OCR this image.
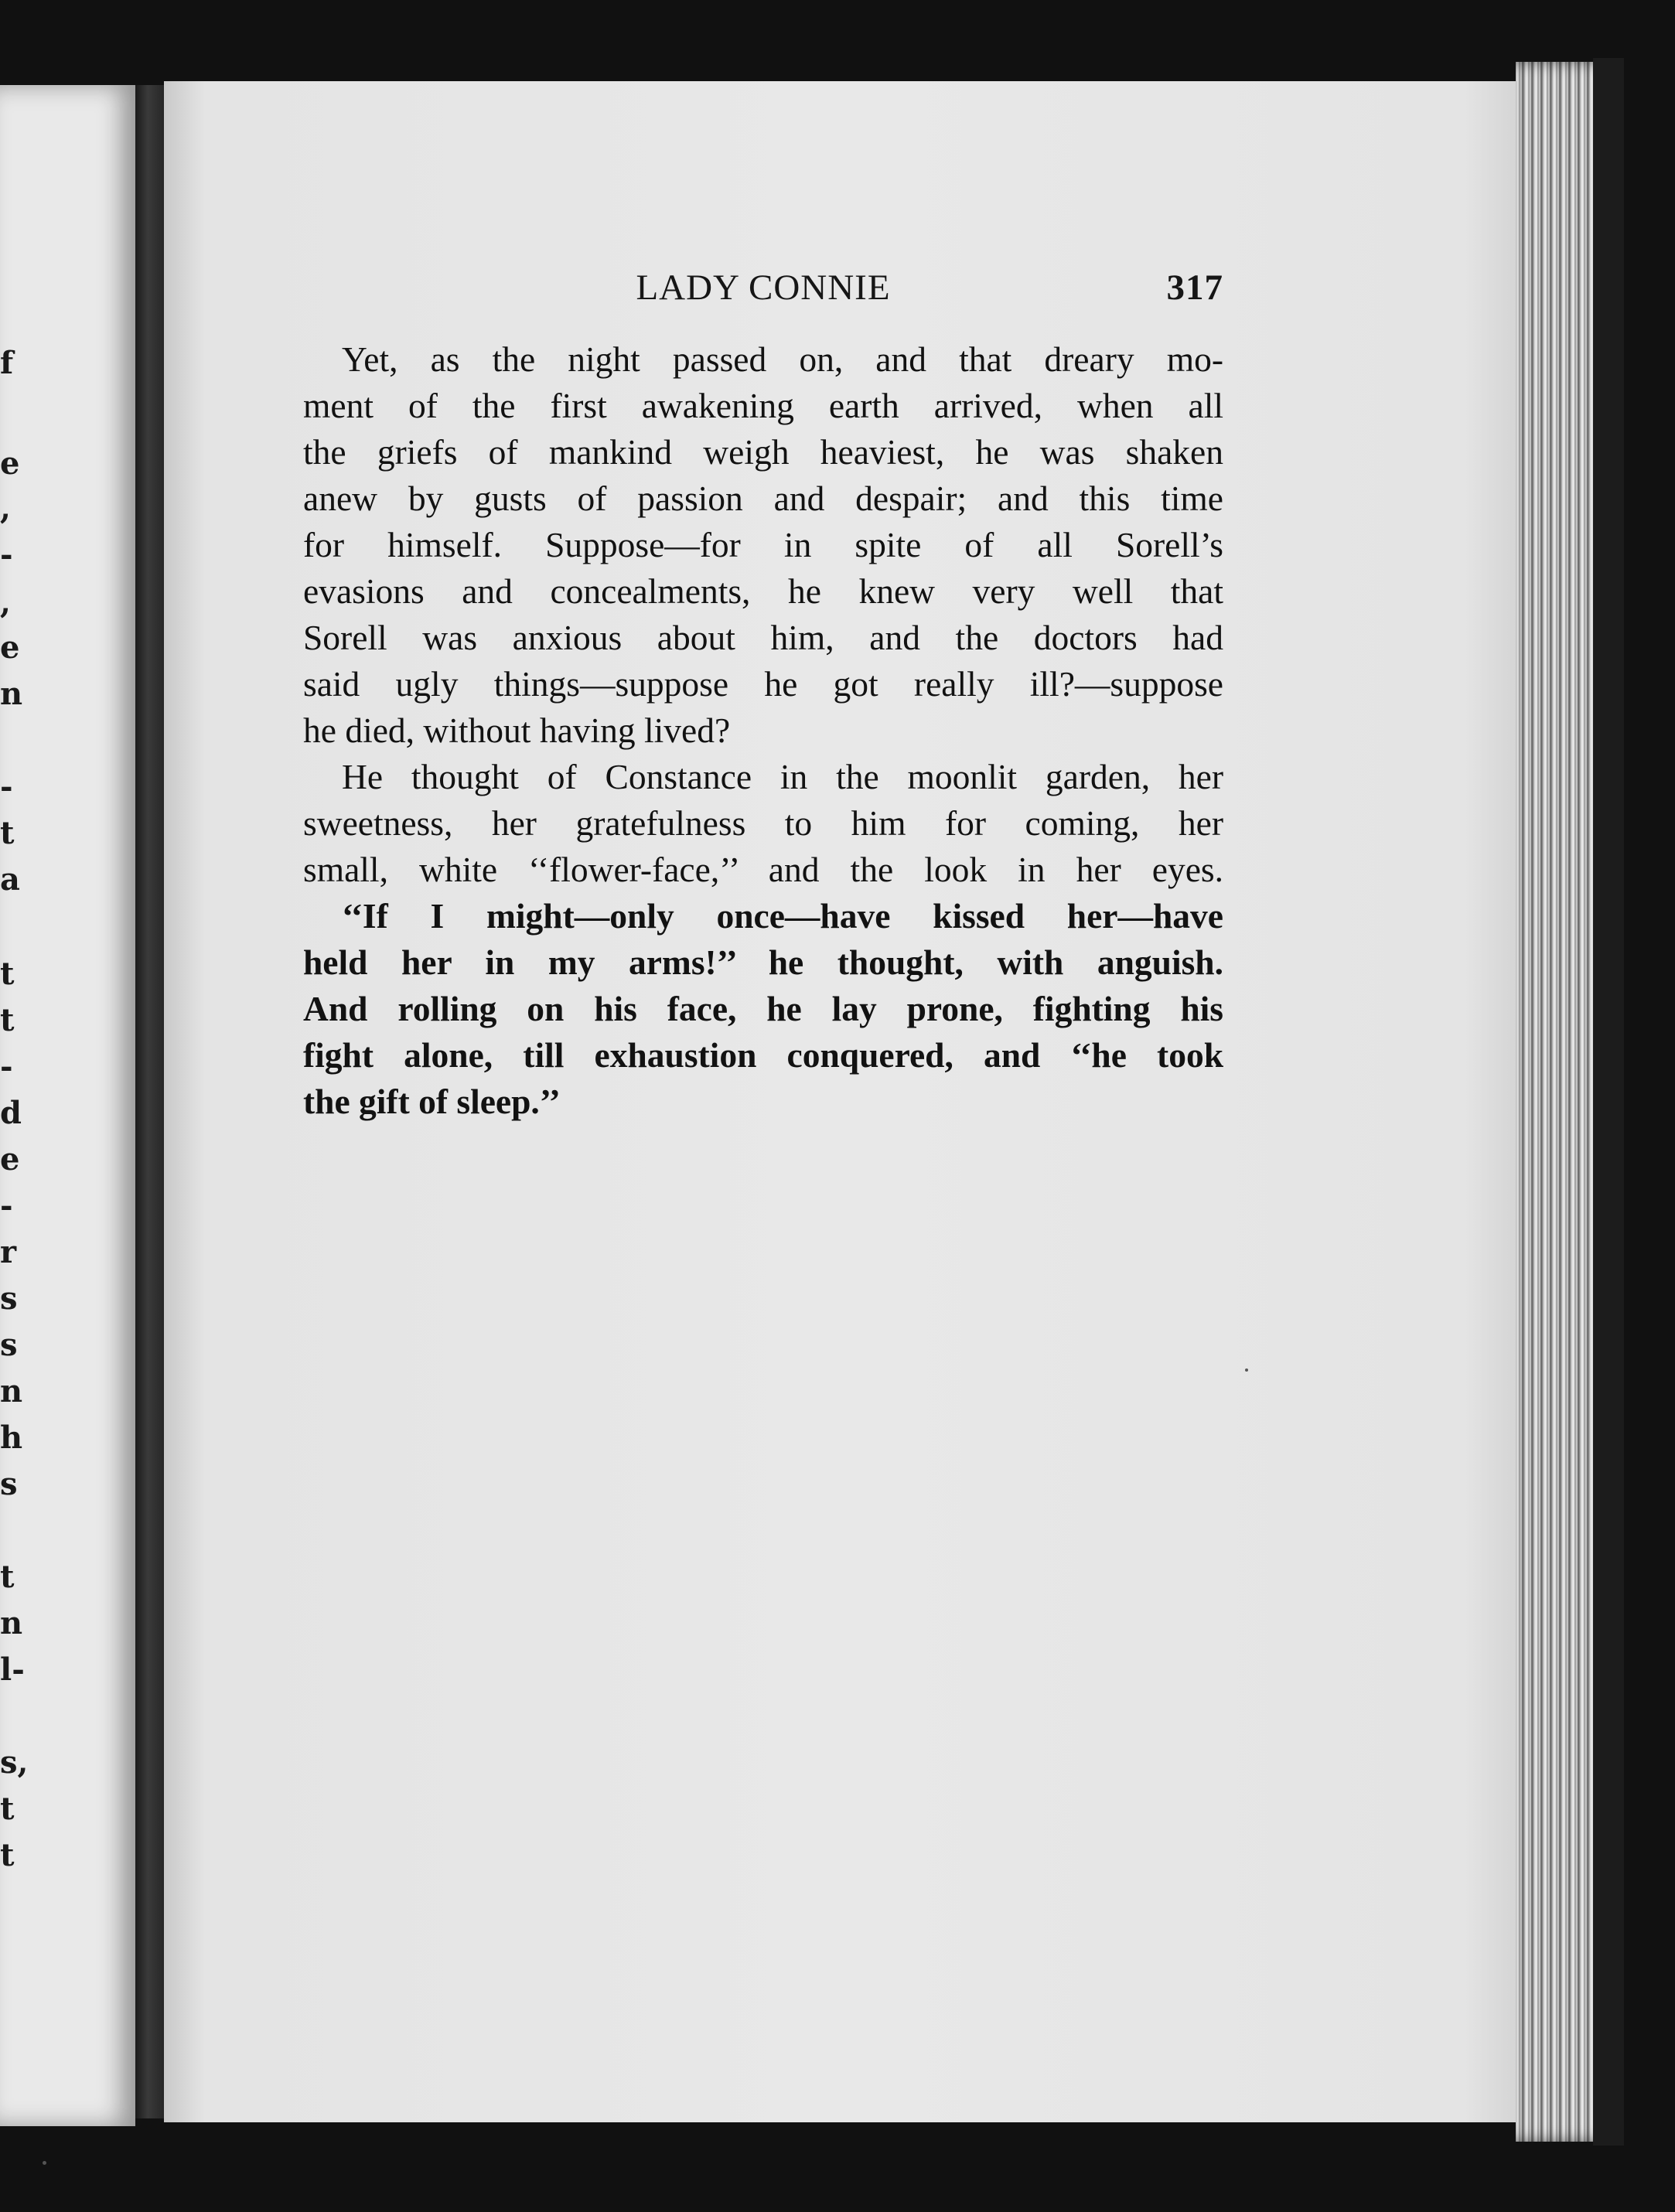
f
e
,
-
,
e
n
-
t
a
t
t
-
d
e
-
r
s
s
n
h
s
t
n
l-
s,
t
t
LADY CONNIE	317
Yet, as the night passed on, and that dreary mo-
ment of the first awakening earth arrived, when all
the griefs of mankind weigh heaviest, he was shaken
anew by gusts of passion and despair; and this time
for himself. Suppose—for in spite of all Sorell’s
evasions and concealments, he knew very well that
Sorell was anxious about him, and the doctors had
said ugly things—suppose he got really ill?—suppose
he died, without having lived?
He thought of Constance in the moonlit garden, her
sweetness, her gratefulness to him for coming, her
small, white ‘‘flower-face,’’ and the look in her eyes.
‘‘If I might—only once—have kissed her—have
held her in my arms!’’ he thought, with anguish.
And rolling on his face, he lay prone, fighting his
fight alone, till exhaustion conquered, and ‘‘he took
the gift of sleep.’’
